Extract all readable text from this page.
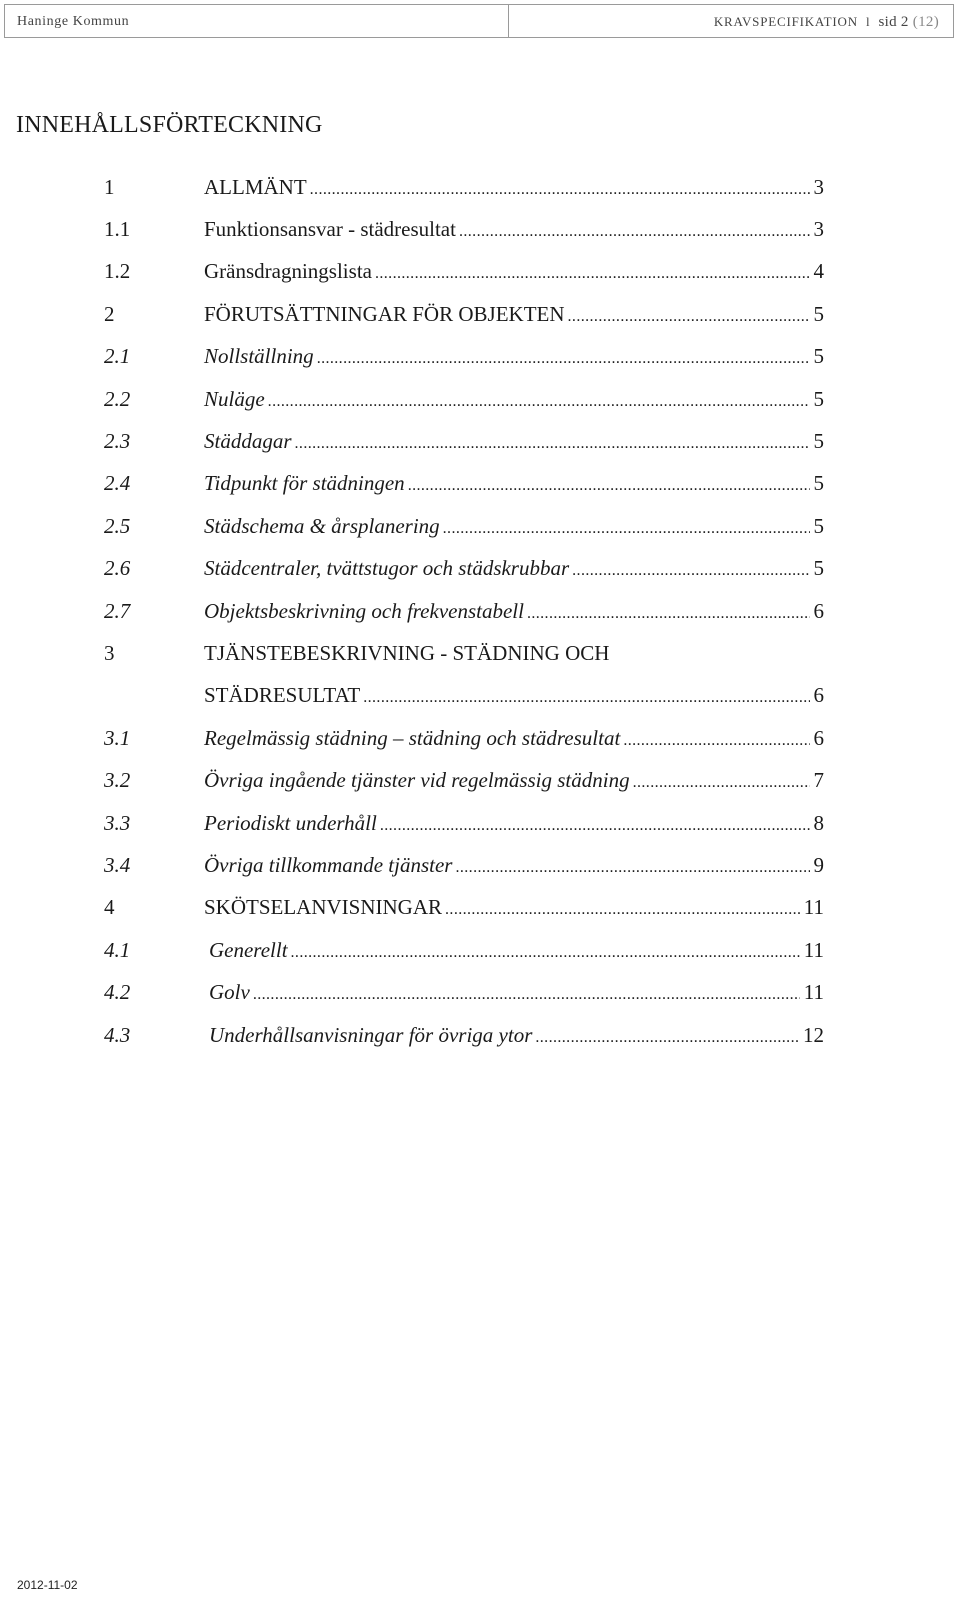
Haninge Kommun	KRAVSPECIFIKATION l sid 2 (12)
INNEHÅLLSFÖRTECKNING
1	ALLMÄNT .....	3
1.1	Funktionsansvar - städresultat .....	3
1.2	Gränsdragningslista .....	4
2	FÖRUTSÄTTNINGAR FÖR OBJEKTEN .....	5
2.1	Nollställning .....	5
2.2	Nuläge .....	5
2.3	Städdagar .....	5
2.4	Tidpunkt för städningen .....	5
2.5	Städschema & årsplanering .....	5
2.6	Städcentraler, tvättstugor och städskrubbar .....	5
2.7	Objektsbeskrivning och frekvenstabell .....	6
3	TJÄNSTEBESKRIVNING - STÄDNING OCH
STÄDRESULTAT .....	6
3.1	Regelmässig städning – städning och städresultat .....	6
3.2	Övriga ingående tjänster vid regelmässig städning .....	7
3.3	Periodiskt underhåll .....	8
3.4	Övriga tillkommande tjänster .....	9
4	SKÖTSELANVISNINGAR .....	11
4.1	Generellt .....	11
4.2	Golv .....	11
4.3	Underhållsanvisningar för övriga ytor .....	12
2012-11-02
